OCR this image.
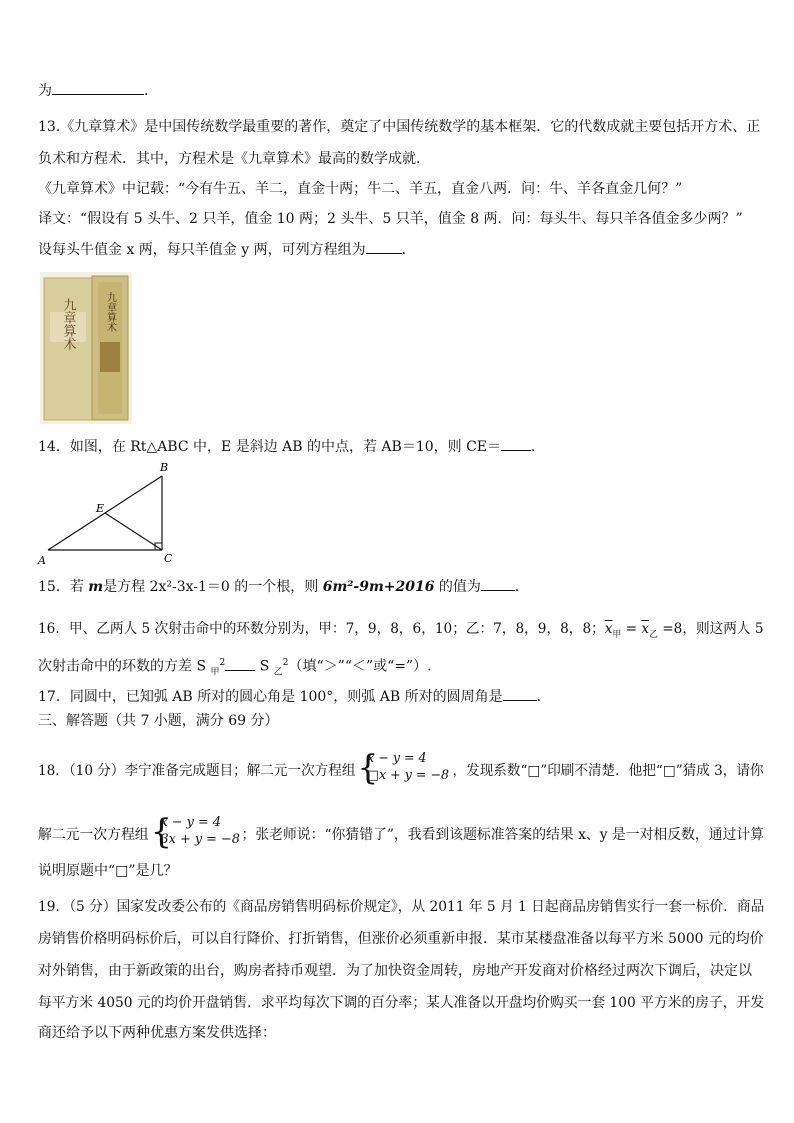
为	．
13.《九章算术》是中国传统数学最重要的著作，奠定了中国传统数学的基本框架．它的代数成就主要包括开方术、正
负术和方程术．其中，方程术是《九章算术》最高的数学成就．
《九章算术》中记载：“今有牛五、羊二，直金十两；牛二、羊五，直金八两．问：牛、羊各直金几何？”
译文：“假设有 5 头牛、2 只羊，值金 10 两；2 头牛、5 只羊，值金 8 两．问：每头牛、每只羊各值金多少两？”
设每头牛值金 x 两，每只羊值金 y 两，可列方程组为	．
九章算术	九章算术
14．如图，在 Rt△ABC 中，E 是斜边 AB 的中点，若 AB＝10，则 CE＝ ．
A
B
C
E
15．若 m是方程 2x²-3x-1＝0 的一个根，则 6m²-9m+2016 的值为 ．
16．甲、乙两人 5 次射击命中的环数分别为，甲：7，9，8，6，10；乙：7，8，9，8，8；$\overline{x}_甲 = \overline{x}_乙 =8$，则这两人 5
次射击命中的环数的方差 S $_甲^2$ S $_乙^2$（填“＞”“＜”或“=”）.
17．同圆中，已知弧 AB 所对的圆心角是 100°，则弧 AB 所对的圆周角是 ．
三、解答题（共 7 小题，满分 69 分）
18．（10 分）李宁准备完成题目；解二元一次方程组 {
x − y = 4
□x + y = −8 ，发现系数“□”印刷不清楚．他把“□”猜成 3，请你
解二元一次方程组 {
x − y = 4
3x + y = −8 ；张老师说：“你猜错了”，我看到该题标准答案的结果 x、y 是一对相反数，通过计算
说明原题中“□”是几？
19．（5 分）国家发改委公布的《商品房销售明码标价规定》，从 2011 年 5 月 1 日起商品房销售实行一套一标价．商品
房销售价格明码标价后，可以自行降价、打折销售，但涨价必须重新申报．某市某楼盘准备以每平方米 5000 元的均价
对外销售，由于新政策的出台，购房者持币观望．为了加快资金周转，房地产开发商对价格经过两次下调后，决定以
每平方米 4050 元的均价开盘销售．求平均每次下调的百分率；某人准备以开盘均价购买一套 100 平方米的房子，开发
商还给予以下两种优惠方案发供选择：
